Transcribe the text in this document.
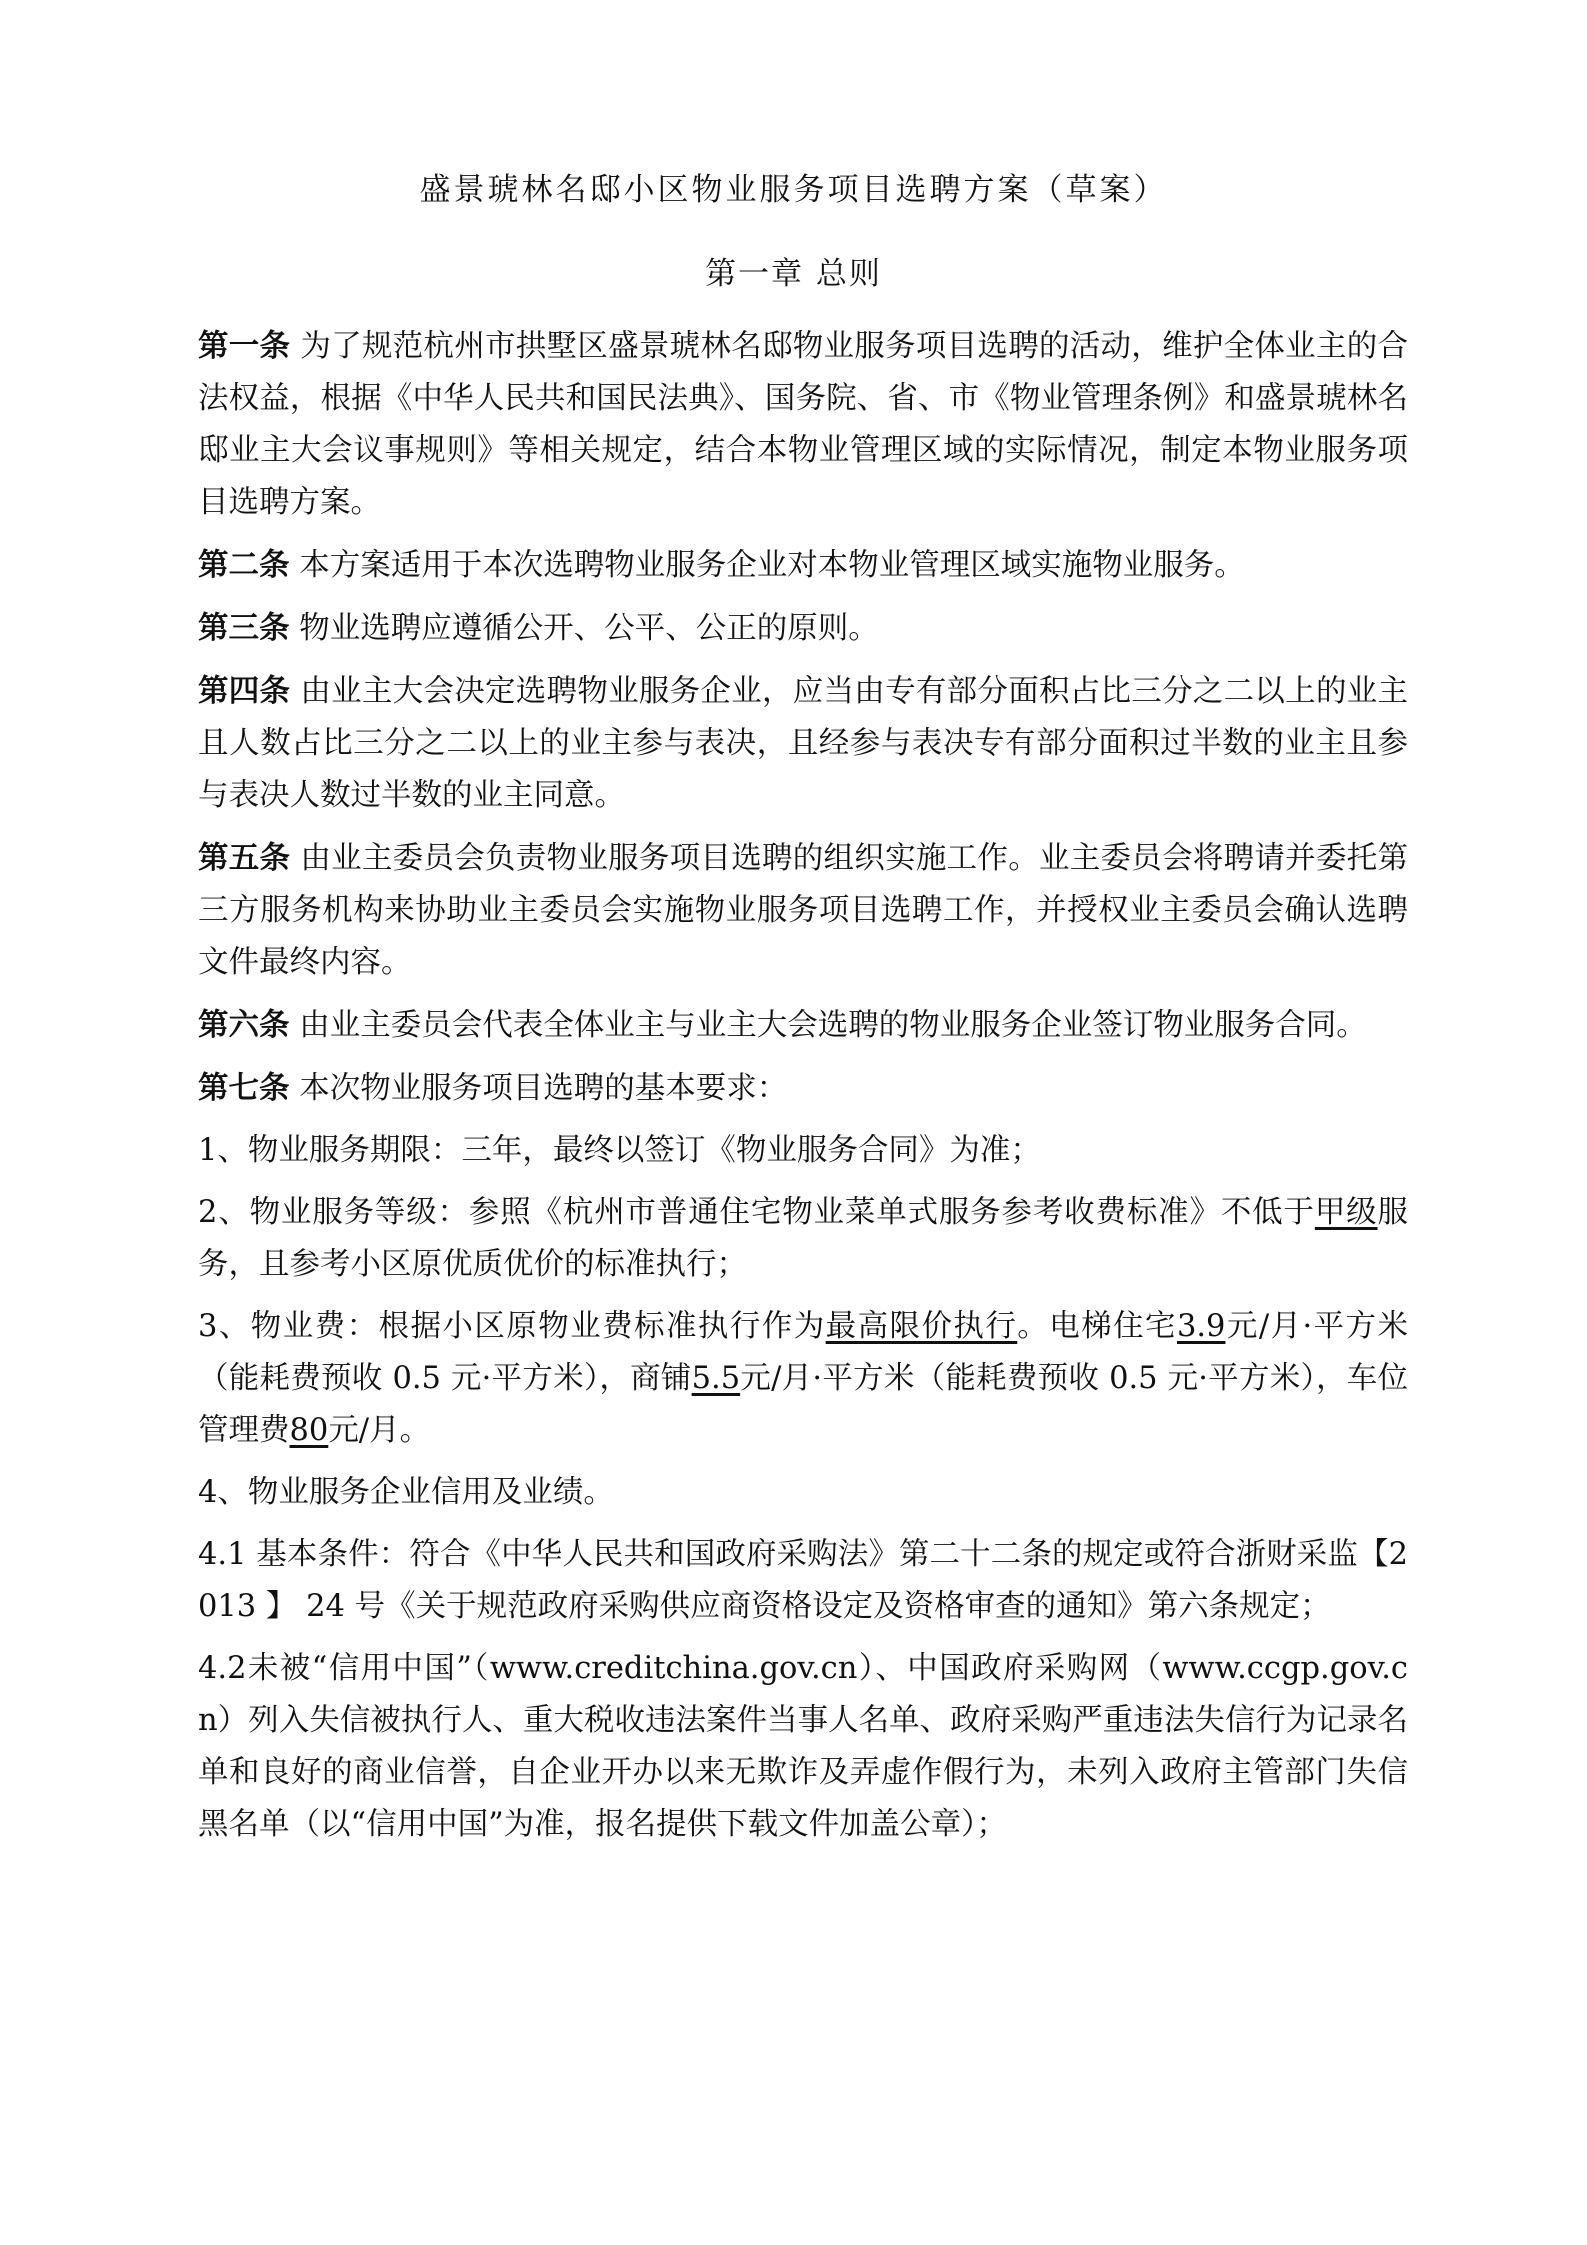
盛景琥林名邸小区物业服务项目选聘方案（草案）
第一章 总则

第一条 为了规范杭州市拱墅区盛景琥林名邸物业服务项目选聘的活动，维护全体业主的合法权益，根据《中华人民共和国民法典》、国务院、省、市《物业管理条例》和盛景琥林名邸业主大会议事规则》等相关规定，结合本物业管理区域的实际情况，制定本物业服务项目选聘方案。

第二条 本方案适用于本次选聘物业服务企业对本物业管理区域实施物业服务。

第三条 物业选聘应遵循公开、公平、公正的原则。

第四条 由业主大会决定选聘物业服务企业，应当由专有部分面积占比三分之二以上的业主且人数占比三分之二以上的业主参与表决，且经参与表决专有部分面积过半数的业主且参与表决人数过半数的业主同意。

第五条 由业主委员会负责物业服务项目选聘的组织实施工作。业主委员会将聘请并委托第三方服务机构来协助业主委员会实施物业服务项目选聘工作，并授权业主委员会确认选聘文件最终内容。

第六条 由业主委员会代表全体业主与业主大会选聘的物业服务企业签订物业服务合同。

第七条 本次物业服务项目选聘的基本要求：

1、物业服务期限：三年，最终以签订《物业服务合同》为准；

2、物业服务等级：参照《杭州市普通住宅物业菜单式服务参考收费标准》不低于甲级服务，且参考小区原优质优价的标准执行；

3、物业费：根据小区原物业费标准执行作为最高限价执行。电梯住宅3.9元/月·平方米（能耗费预收 0.5 元·平方米），商铺5.5元/月·平方米（能耗费预收 0.5 元·平方米），车位管理费80元/月。

4、物业服务企业信用及业绩。

4.1 基本条件：符合《中华人民共和国政府采购法》第二十二条的规定或符合浙财采监【2013 】 24 号《关于规范政府采购供应商资格设定及资格审查的通知》第六条规定；

4.2未被“信用中国”（www.creditchina.gov.cn）、中国政府采购网（www.ccgp.gov.cn）列入失信被执行人、重大税收违法案件当事人名单、政府采购严重违法失信行为记录名单和良好的商业信誉，自企业开办以来无欺诈及弄虚作假行为，未列入政府主管部门失信黑名单（以“信用中国”为准，报名提供下载文件加盖公章）；
